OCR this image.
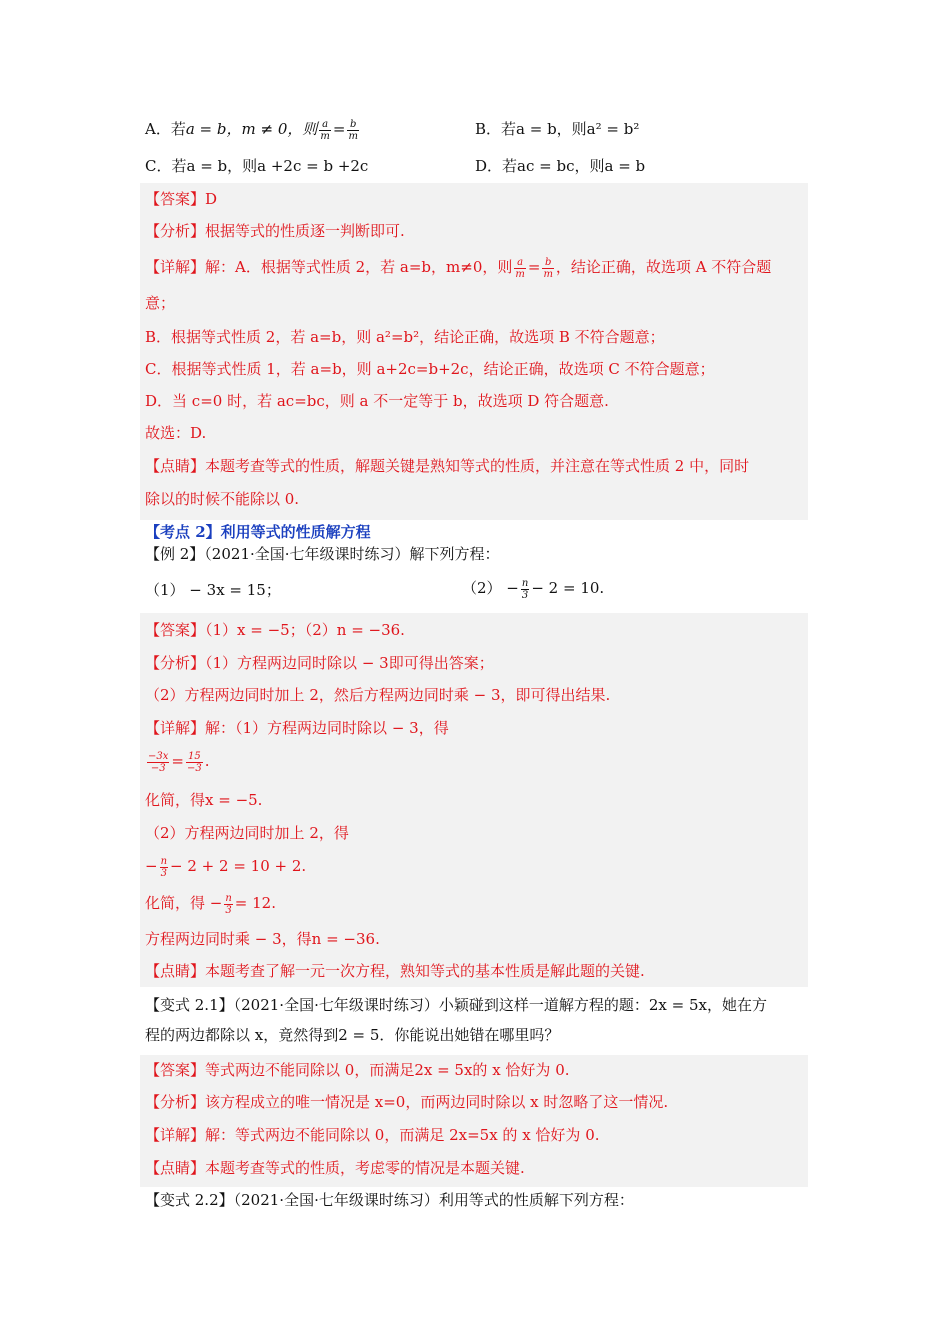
A．若a = b，m ≠ 0，则 $\frac{a}{m} = \frac{b}{m}$	B．若a = b，则a² = b²
C．若a = b，则a +2c = b +2c	D．若ac = bc，则a = b
【答案】D
【分析】根据等式的性质逐一判断即可.
【详解】解：A．根据等式性质 2，若 a=b，m≠0，则 $\frac{a}{m} = \frac{b}{m}$ ，结论正确，故选项 A 不符合题
意；
B．根据等式性质 2，若 a=b，则 a²=b²，结论正确，故选项 B 不符合题意；
C．根据等式性质 1，若 a=b，则 a+2c=b+2c，结论正确，故选项 C 不符合题意；
D．当 c=0 时，若 ac=bc，则 a 不一定等于 b，故选项 D 符合题意.
故选：D.
【点睛】本题考查等式的性质，解题关键是熟知等式的性质，并注意在等式性质 2 中，同时
除以的时候不能除以 0.
【考点 2】利用等式的性质解方程
【例 2】（2021·全国·七年级课时练习）解下列方程：
（1） − 3x = 15；	$(2) - \frac{n}{3} - 2 = 10$.
【答案】（1）x = −5；（2）n = −36.
【分析】（1）方程两边同时除以 − 3即可得出答案；
（2）方程两边同时加上 2，然后方程两边同时乘 − 3，即可得出结果.
【详解】解：（1）方程两边同时除以 − 3，得
$\frac{-3x}{-3} = \frac{15}{-3}$ .
化简，得x = −5.
（2）方程两边同时加上 2，得
− $\frac{n}{3} - 2 + 2 = 10 + 2$.
化简，得 − $\frac{n}{3} = 12$.
方程两边同时乘 − 3，得n = −36.
【点睛】本题考查了解一元一次方程，熟知等式的基本性质是解此题的关键.
【变式 2.1】（2021·全国·七年级课时练习）小颖碰到这样一道解方程的题：2x = 5x，她在方
程的两边都除以 x，竟然得到2 = 5．你能说出她错在哪里吗？
【答案】等式两边不能同除以 0，而满足2x = 5x的 x 恰好为 0.
【分析】该方程成立的唯一情况是 x=0，而两边同时除以 x 时忽略了这一情况.
【详解】解：等式两边不能同除以 0，而满足 2x=5x 的 x 恰好为 0.
【点睛】本题考查等式的性质，考虑零的情况是本题关键.
【变式 2.2】（2021·全国·七年级课时练习）利用等式的性质解下列方程：
